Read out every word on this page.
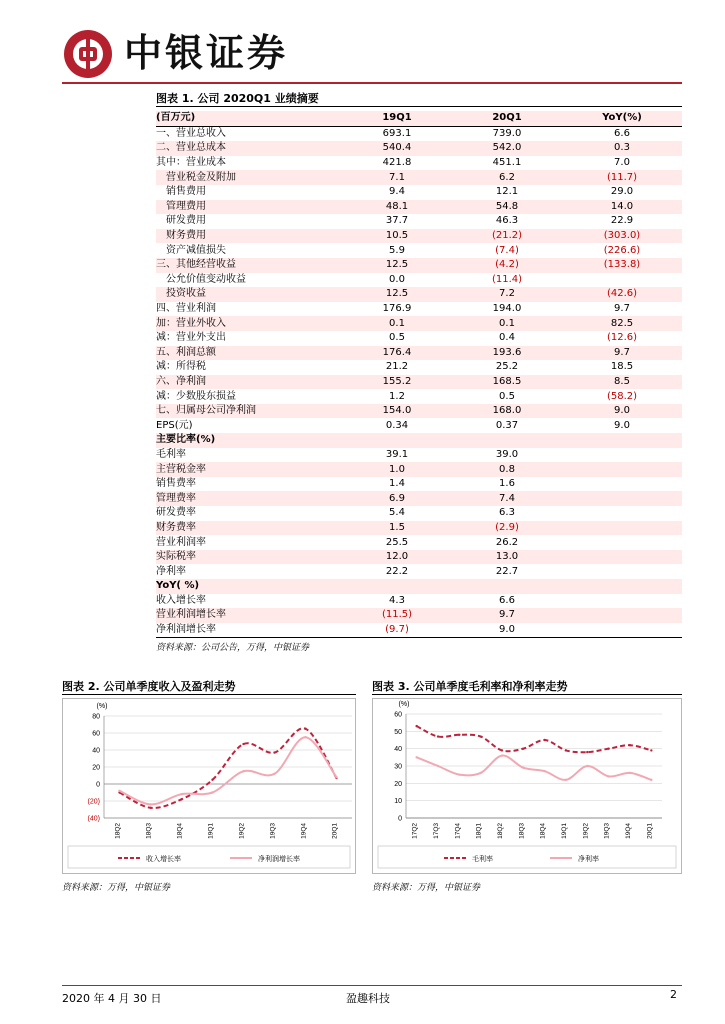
中银证券
图表 1. 公司 2020Q1 业绩摘要
(百万元)	19Q1	20Q1	YoY(%)
一、营业总收入	693.1	739.0	6.6
二、营业总成本	540.4	542.0	0.3
其中：营业成本	421.8	451.1	7.0
　营业税金及附加	7.1	6.2	(11.7)
　销售费用	9.4	12.1	29.0
　管理费用	48.1	54.8	14.0
　研发费用	37.7	46.3	22.9
　财务费用	10.5	(21.2)	(303.0)
　资产减值损失	5.9	(7.4)	(226.6)
三、其他经营收益	12.5	(4.2)	(133.8)
　公允价值变动收益	0.0	(11.4)	
　投资收益	12.5	7.2	(42.6)
四、营业利润	176.9	194.0	9.7
加：营业外收入	0.1	0.1	82.5
减：营业外支出	0.5	0.4	(12.6)
五、利润总额	176.4	193.6	9.7
减：所得税	21.2	25.2	18.5
六、净利润	155.2	168.5	8.5
减：少数股东损益	1.2	0.5	(58.2)
七、归属母公司净利润	154.0	168.0	9.0
EPS(元)	0.34	0.37	9.0
主要比率(%)			
毛利率	39.1	39.0	
主营税金率	1.0	0.8	
销售费率	1.4	1.6	
管理费率	6.9	7.4	
研发费率	5.4	6.3	
财务费率	1.5	(2.9)	
营业利润率	25.5	26.2	
实际税率	12.0	13.0	
净利率	22.2	22.7	
YoY( %)			
收入增长率	4.3	6.6	
营业利润增长率	(11.5)	9.7	
净利润增长率	(9.7)	9.0	
资料来源：公司公告，万得，中银证券
图表 2. 公司单季度收入及盈利走势
(%)
80
60
40
20
0
(20)
(40)
18Q2	18Q3	18Q4	19Q1	19Q2	19Q3	19Q4	20Q1
收入增长率	净利润增长率
资料来源：万得，中银证券
图表 3. 公司单季度毛利率和净利率走势
(%)
60
50
40
30
20
10
0
17Q2 17Q3 17Q4 18Q1 18Q2 18Q3 18Q4 19Q1 19Q2 19Q3 19Q4 20Q1
毛利率	净利率
资料来源：万得，中银证券
2020 年 4 月 30 日	盈趣科技	2
